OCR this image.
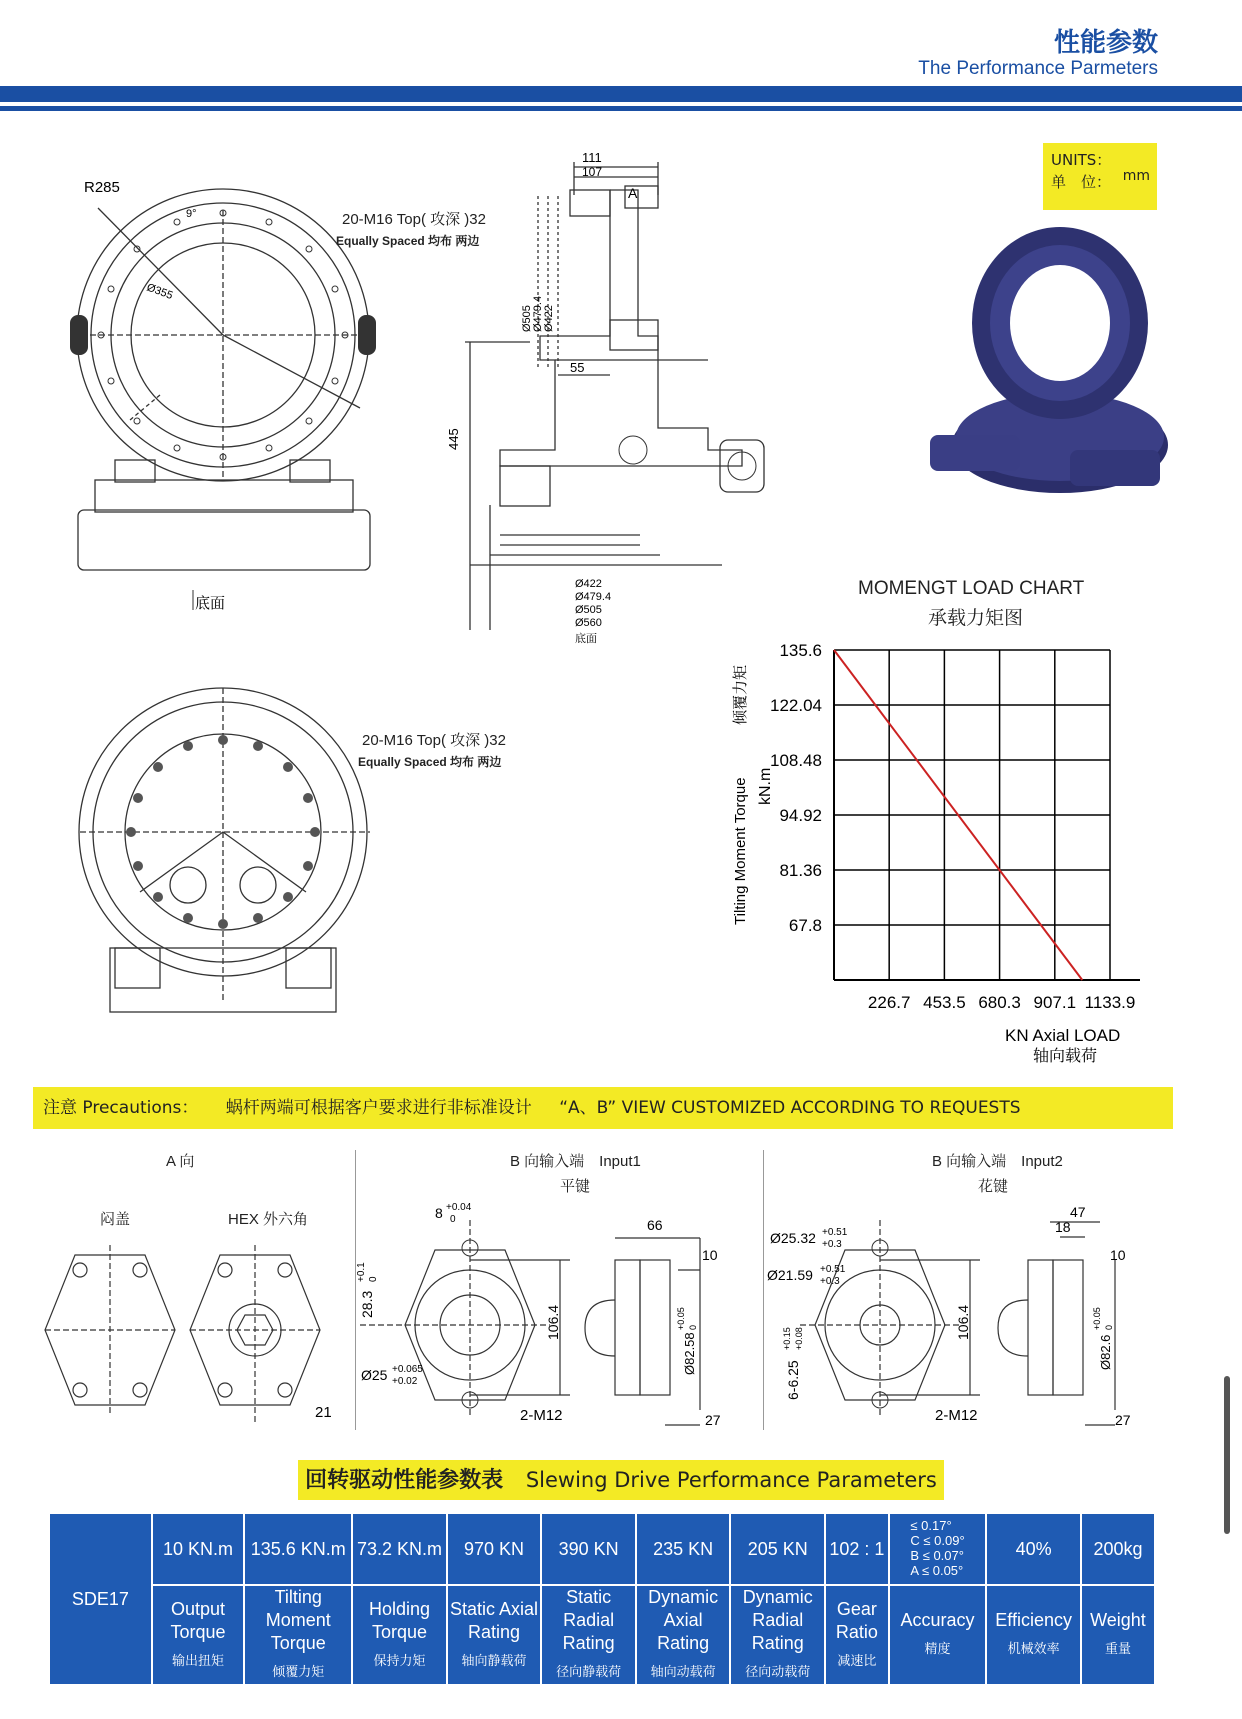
性能参数
The Performance Parmeters
UNITS：
单　位： mm
R285
9°
Ø355
底面
20-M16 Top( 攻深 )32
Equally Spaced 均布 两边
111
107
A
Ø505 Ø479.4 Ø422
55
445
Ø422
Ø479.4
Ø505
Ø560
底面
20-M16 Top( 攻深 )32
Equally Spaced 均布 两边
MOMENGT LOAD CHART
承载力矩图
135.6
122.04
108.48
94.92
81.36
67.8
226.7 453.5 680.3 907.1 1133.9
Tilting Moment Torque kN.m
倾覆力矩
KN Axial LOAD
轴向载荷
注意 Precautions： 蜗杆两端可根据客户要求进行非标准设计 “A、B” VIEW CUSTOMIZED ACCORDING TO REQUESTS
A 向
闷盖	HEX 外六角
21
B 向输入端　Input1
平键
8 +0.04
0
28.3
+0.1 0
Ø25 +0.065
+0.02
106.4
2-M12
66
10
Ø82.58
+0.05 0
27
B 向输入端　Input2
花键
Ø25.32 +0.51
+0.3
Ø21.59 +0.51
+0.3
6-6.25
+0.15 +0.08	106.4
2-M12
47
18
10
Ø82.6
+0.05 0
27
回转驱动性能参数表 Slewing Drive Performance Parameters
SDE17	10 KN.m	135.6 KN.m	73.2 KN.m	970 KN	390 KN	235 KN	205 KN	102 : 1	≤ 0.17°
C ≤ 0.09°
B ≤ 0.07°
A ≤ 0.05°	40%	200kg
	Output Torque
输出扭矩	Tilting Moment Torque
倾覆力矩	Holding Torque
保持力矩	Static Axial Rating
轴向静载荷	Static Radial Rating
径向静载荷	Dynamic Axial Rating
轴向动载荷	Dynamic Radial Rating
径向动载荷	Gear Ratio
减速比	Accuracy
精度	Efficiency
机械效率	Weight
重量
